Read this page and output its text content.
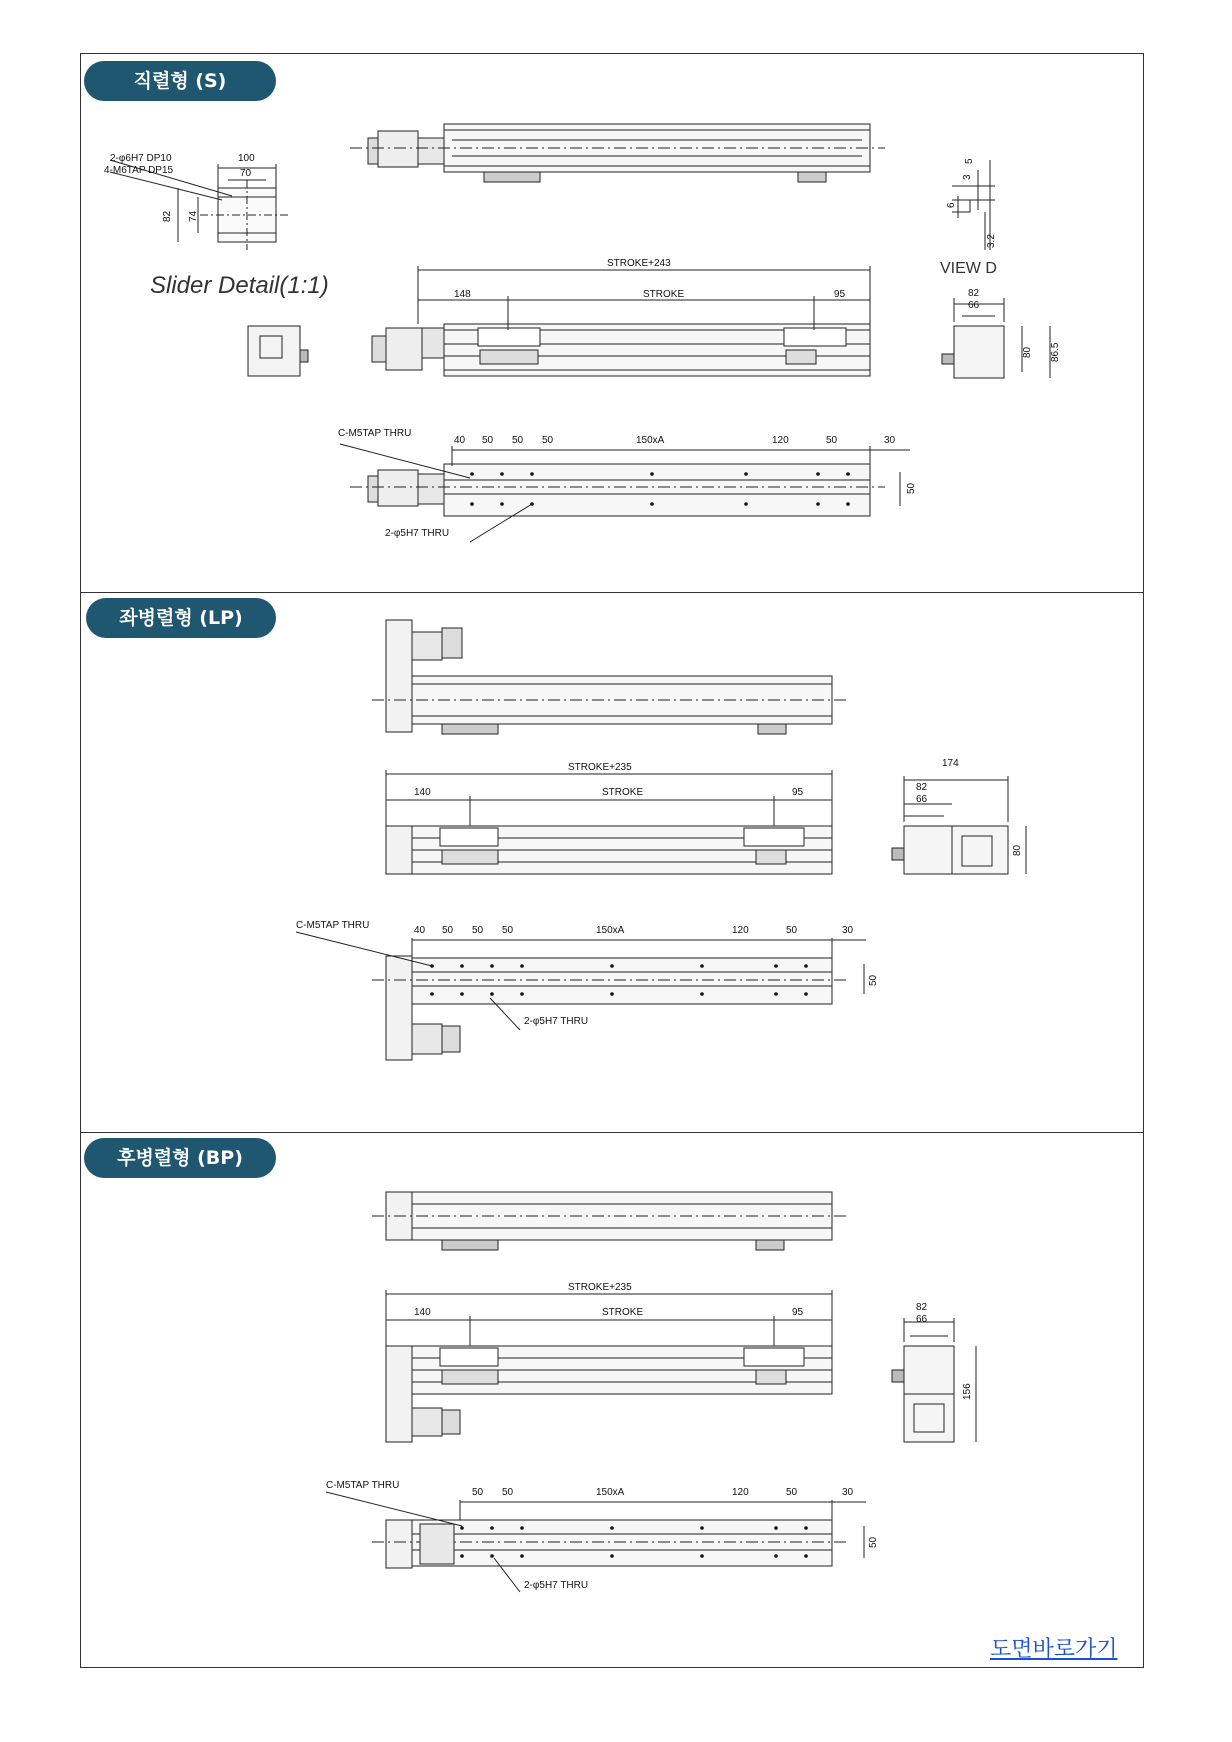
직렬형 (S)
2-φ6H7 DP10
4-M6TAP DP15
100
70
82 74
Slider Detail(1:1)
VIEW D
5
3
6
3.2
STROKE+243
148	STROKE	95	82
66
80 86.5
C-M5TAP THRU
40 50 50 50	150xA	120	50	30
50
2-φ5H7 THRU
좌병렬형 (LP)
STROKE+235
140	STROKE	95
174
82
66
80
C-M5TAP THRU	40 50 50 50	150xA	120	50	30
50
2-φ5H7 THRU
후병렬형 (BP)
STROKE+235
140	STROKE	95	82
66
156
C-M5TAP THRU
50 50	150xA	120	50	30
50
2-φ5H7 THRU
도면바로가기
